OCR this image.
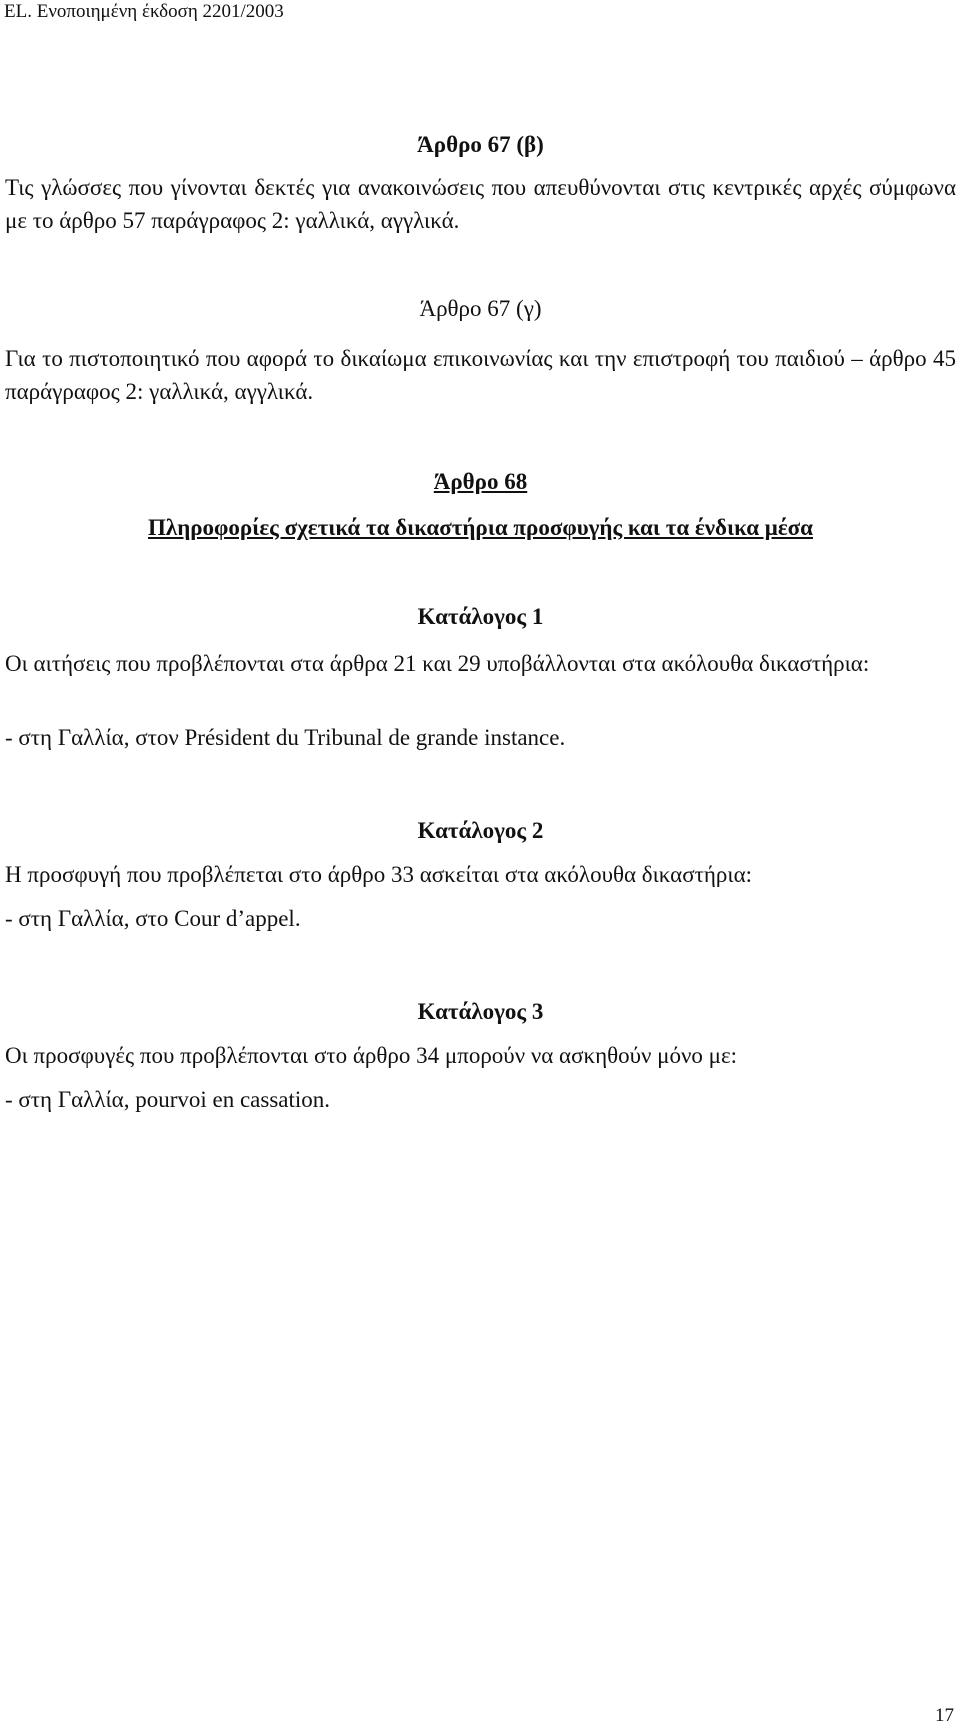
EL. Ενοποιημένη έκδοση 2201/2003
Άρθρο 67 (β)
Τις γλώσσες που γίνονται δεκτές για ανακοινώσεις που απευθύνονται στις κεντρικές αρχές σύμφωνα με το άρθρο 57 παράγραφος 2: γαλλικά, αγγλικά.
Άρθρο 67 (γ)
Για το πιστοποιητικό που αφορά το δικαίωμα επικοινωνίας και την επιστροφή του παιδιού – άρθρο 45 παράγραφος 2: γαλλικά, αγγλικά.
Άρθρο 68
Πληροφορίες σχετικά τα δικαστήρια προσφυγής και τα ένδικα μέσα
Κατάλογος 1
Οι αιτήσεις που προβλέπονται στα άρθρα 21 και 29 υποβάλλονται στα ακόλουθα δικαστήρια:
- στη Γαλλία, στον Président du Tribunal de grande instance.
Κατάλογος 2
Η προσφυγή που προβλέπεται στο άρθρο 33 ασκείται στα ακόλουθα δικαστήρια:
- στη Γαλλία, στο Cour d’appel.
Κατάλογος 3
Οι προσφυγές που προβλέπονται στο άρθρο 34 μπορούν να ασκηθούν μόνο με:
- στη Γαλλία, pourvoi en cassation.
17
